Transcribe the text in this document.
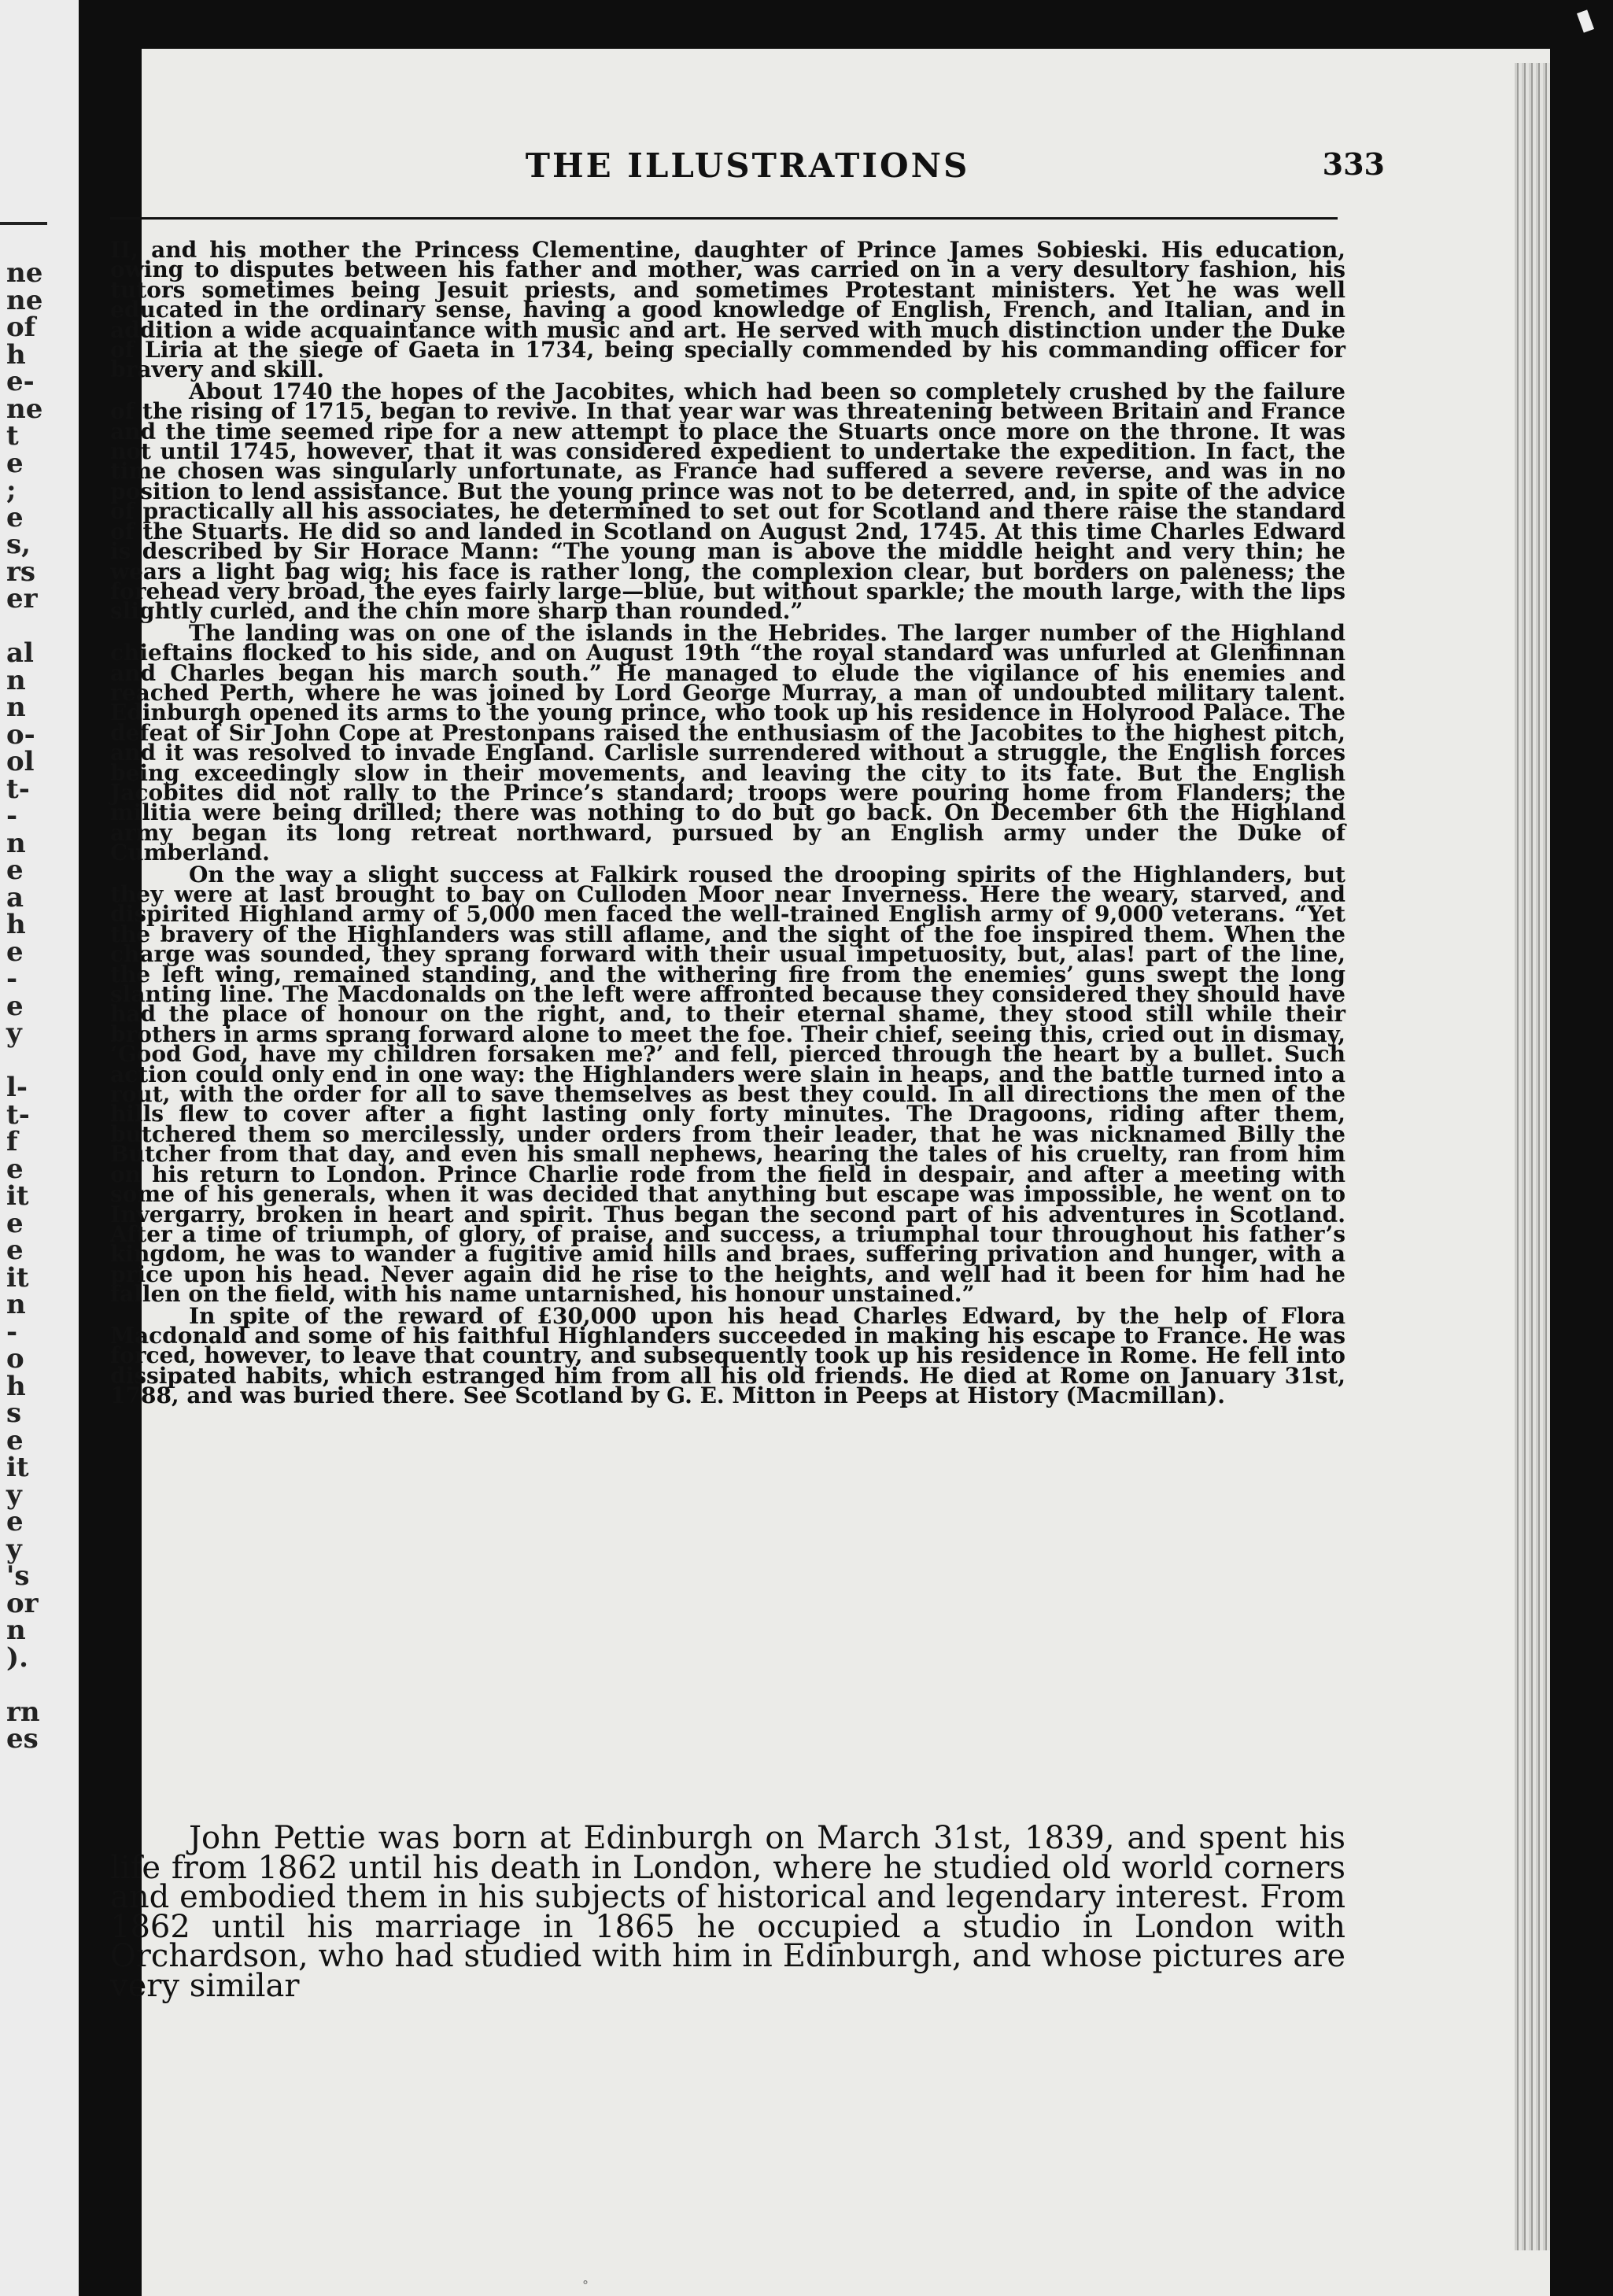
ne
ne
of
h
e-
ne
t
e
;
e
s,
rs
er
al
n
n
o-
ol
t-
-
n
e
a
h
e
-
e
y
l-
t-
f
e
it
e
e
it
n
-
o
h
s
e
it
y
e
y
's
or
n
).
rn
es
THE ILLUSTRATIONS	333

II, and his mother the Princess Clementine, daughter of Prince James Sobieski. His education, owing to disputes between his father and mother, was carried on in a very desultory fashion, his tutors sometimes being Jesuit priests, and sometimes Protestant ministers. Yet he was well educated in the ordinary sense, having a good knowledge of English, French, and Italian, and in addition a wide acquaintance with music and art. He served with much distinction under the Duke of Liria at the siege of Gaeta in 1734, being specially commended by his commanding officer for bravery and skill.

About 1740 the hopes of the Jacobites, which had been so completely crushed by the failure of the rising of 1715, began to revive. In that year war was threatening between Britain and France and the time seemed ripe for a new attempt to place the Stuarts once more on the throne. It was not until 1745, however, that it was considered expedient to undertake the expedition. In fact, the time chosen was singularly unfortunate, as France had suffered a severe reverse, and was in no position to lend assistance. But the young prince was not to be deterred, and, in spite of the advice of practically all his associates, he determined to set out for Scotland and there raise the standard of the Stuarts. He did so and landed in Scotland on August 2nd, 1745. At this time Charles Edward is described by Sir Horace Mann: “The young man is above the middle height and very thin; he wears a light bag wig; his face is rather long, the complexion clear, but borders on paleness; the forehead very broad, the eyes fairly large—blue, but without sparkle; the mouth large, with the lips slightly curled, and the chin more sharp than rounded.”

The landing was on one of the islands in the Hebrides. The larger number of the Highland chieftains flocked to his side, and on August 19th “the royal standard was unfurled at Glenfinnan and Charles began his march south.” He managed to elude the vigilance of his enemies and reached Perth, where he was joined by Lord George Murray, a man of undoubted military talent. Edinburgh opened its arms to the young prince, who took up his residence in Holyrood Palace. The defeat of Sir John Cope at Prestonpans raised the enthusiasm of the Jacobites to the highest pitch, and it was resolved to invade England. Carlisle surrendered without a struggle, the English forces being exceedingly slow in their movements, and leaving the city to its fate. But the English Jacobites did not rally to the Prince’s standard; troops were pouring home from Flanders; the militia were being drilled; there was nothing to do but go back. On December 6th the Highland army began its long retreat northward, pursued by an English army under the Duke of Cumberland.

On the way a slight success at Falkirk roused the drooping spirits of the Highlanders, but they were at last brought to bay on Culloden Moor near Inverness. Here the weary, starved, and dispirited Highland army of 5,000 men faced the well-trained English army of 9,000 veterans. “Yet the bravery of the Highlanders was still aflame, and the sight of the foe inspired them. When the charge was sounded, they sprang forward with their usual impetuosity, but, alas! part of the line, the left wing, remained standing, and the withering fire from the enemies’ guns swept the long slanting line. The Macdonalds on the left were affronted because they considered they should have had the place of honour on the right, and, to their eternal shame, they stood still while their brothers in arms sprang forward alone to meet the foe. Their chief, seeing this, cried out in dismay, ‘Good God, have my children forsaken me?’ and fell, pierced through the heart by a bullet. Such action could only end in one way: the Highlanders were slain in heaps, and the battle turned into a rout, with the order for all to save themselves as best they could. In all directions the men of the hills flew to cover after a fight lasting only forty minutes. The Dragoons, riding after them, butchered them so mercilessly, under orders from their leader, that he was nicknamed Billy the Butcher from that day, and even his small nephews, hearing the tales of his cruelty, ran from him on his return to London. Prince Charlie rode from the field in despair, and after a meeting with some of his generals, when it was decided that anything but escape was impossible, he went on to Invergarry, broken in heart and spirit. Thus began the second part of his adventures in Scotland. After a time of triumph, of glory, of praise, and success, a triumphal tour throughout his father’s kingdom, he was to wander a fugitive amid hills and braes, suffering privation and hunger, with a price upon his head. Never again did he rise to the heights, and well had it been for him had he fallen on the field, with his name untarnished, his honour unstained.”

In spite of the reward of £30,000 upon his head Charles Edward, by the help of Flora Macdonald and some of his faithful Highlanders succeeded in making his escape to France. He was forced, however, to leave that country, and subsequently took up his residence in Rome. He fell into dissipated habits, which estranged him from all his old friends. He died at Rome on January 31st, 1788, and was buried there. See Scotland by G. E. Mitton in Peeps at History (Macmillan).

John Pettie was born at Edinburgh on March 31st, 1839, and spent his life from 1862 until his death in London, where he studied old world corners and embodied them in his subjects of historical and legendary interest. From 1862 until his marriage in 1865 he occupied a studio in London with Orchardson, who had studied with him in Edinburgh, and whose pictures are very similar

°
